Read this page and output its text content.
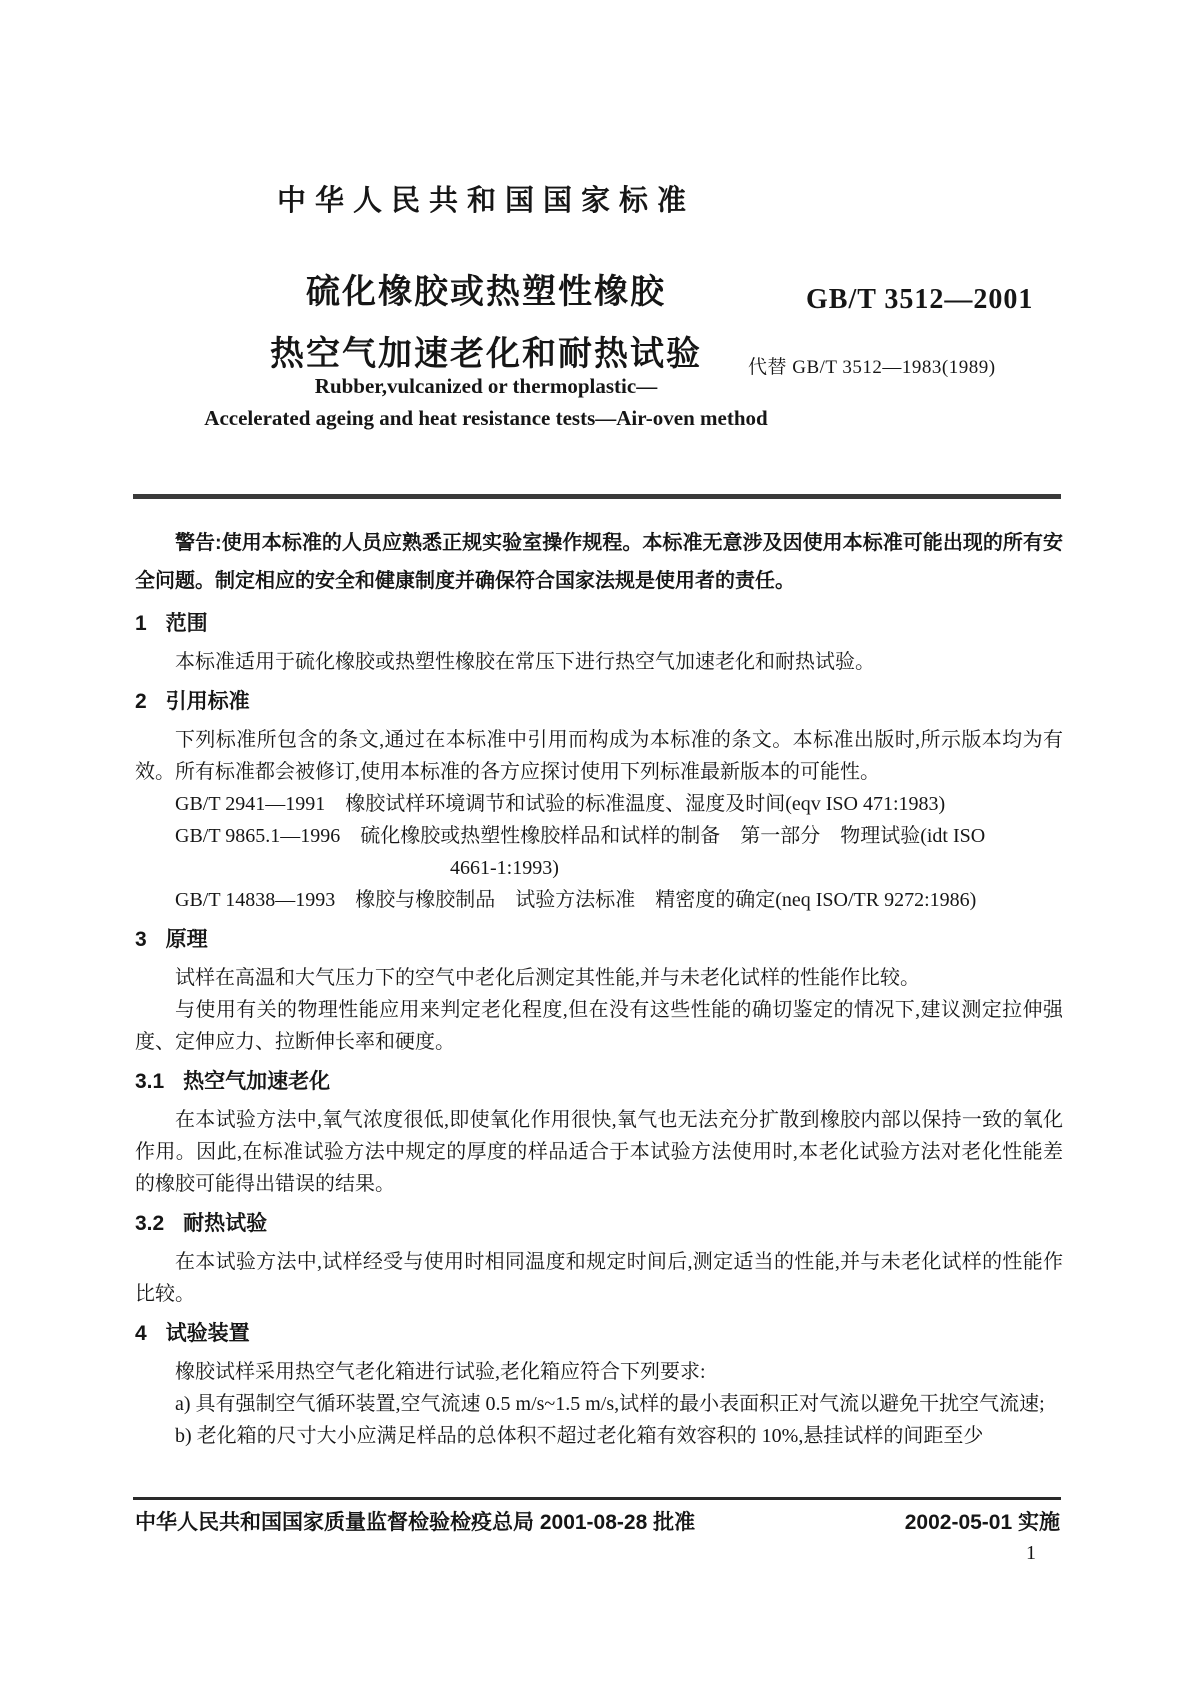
中华人民共和国国家标准
硫化橡胶或热塑性橡胶
热空气加速老化和耐热试验
GB/T 3512—2001
代替 GB/T 3512—1983(1989)
Rubber,vulcanized or thermoplastic—
Accelerated ageing and heat resistance tests—Air-oven method

警告:使用本标准的人员应熟悉正规实验室操作规程。本标准无意涉及因使用本标准可能出现的所有安全问题。制定相应的安全和健康制度并确保符合国家法规是使用者的责任。

1 范围

本标准适用于硫化橡胶或热塑性橡胶在常压下进行热空气加速老化和耐热试验。

2 引用标准

下列标准所包含的条文,通过在本标准中引用而构成为本标准的条文。本标准出版时,所示版本均为有效。所有标准都会被修订,使用本标准的各方应探讨使用下列标准最新版本的可能性。

GB/T 2941—1991　橡胶试样环境调节和试验的标准温度、湿度及时间(eqv ISO 471:1983)
GB/T 9865.1—1996　硫化橡胶或热塑性橡胶样品和试样的制备　第一部分　物理试验(idt ISO
4661-1:1993)
GB/T 14838—1993　橡胶与橡胶制品　试验方法标准　精密度的确定(neq ISO/TR 9272:1986)
3 原理

试样在高温和大气压力下的空气中老化后测定其性能,并与未老化试样的性能作比较。

与使用有关的物理性能应用来判定老化程度,但在没有这些性能的确切鉴定的情况下,建议测定拉伸强度、定伸应力、拉断伸长率和硬度。

3.1 热空气加速老化

在本试验方法中,氧气浓度很低,即使氧化作用很快,氧气也无法充分扩散到橡胶内部以保持一致的氧化作用。因此,在标准试验方法中规定的厚度的样品适合于本试验方法使用时,本老化试验方法对老化性能差的橡胶可能得出错误的结果。

3.2 耐热试验

在本试验方法中,试样经受与使用时相同温度和规定时间后,测定适当的性能,并与未老化试样的性能作比较。

4 试验装置

橡胶试样采用热空气老化箱进行试验,老化箱应符合下列要求:

a) 具有强制空气循环装置,空气流速 0.5 m/s~1.5 m/s,试样的最小表面积正对气流以避免干扰空气流速;

b) 老化箱的尺寸大小应满足样品的总体积不超过老化箱有效容积的 10%,悬挂试样的间距至少

中华人民共和国国家质量监督检验检疫总局 2001-08-28 批准	2002-05-01 实施
1
